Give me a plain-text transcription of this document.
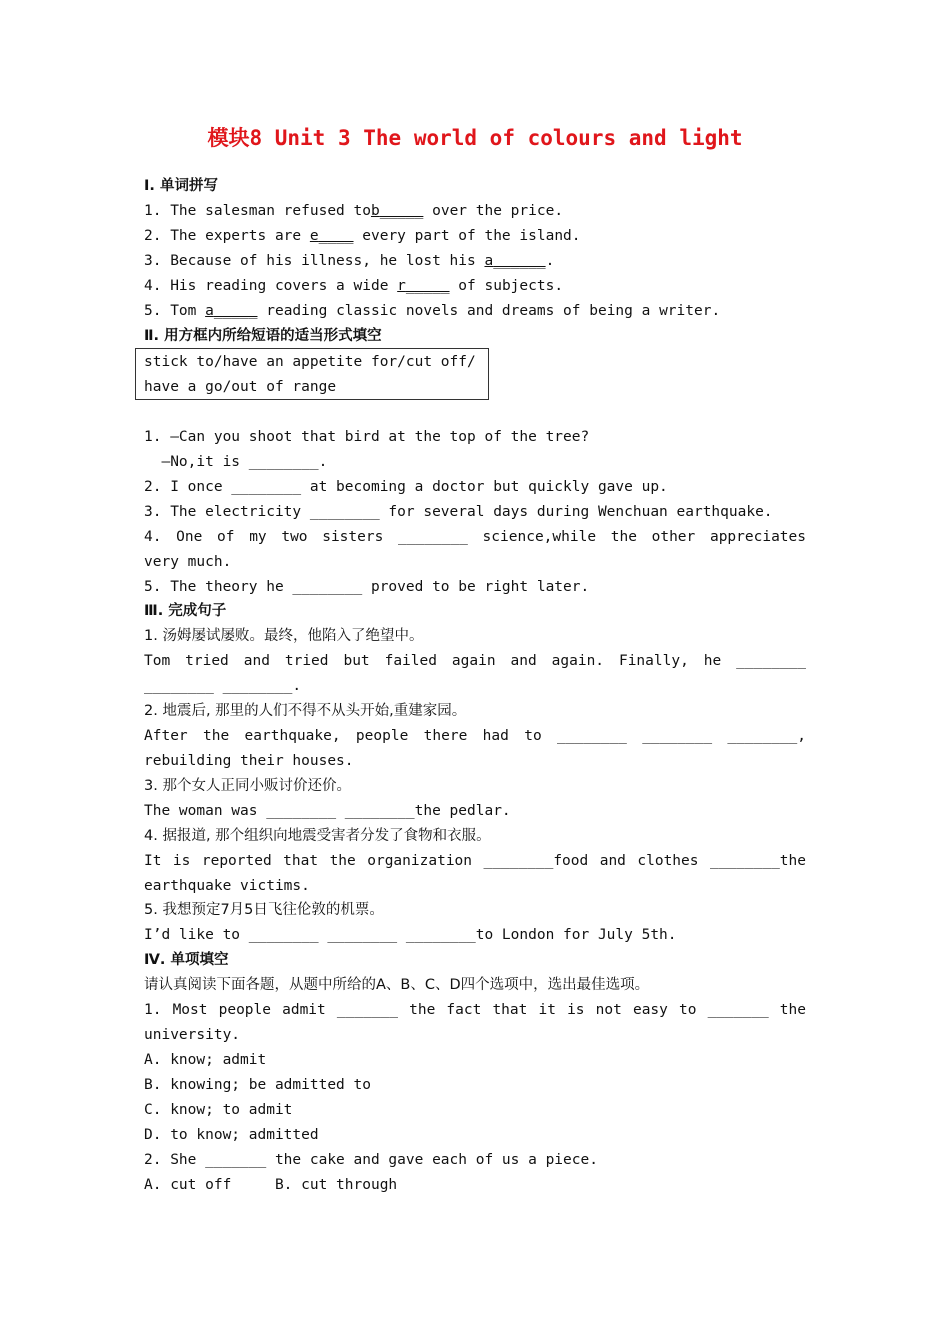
模块8 Unit 3 The world of colours and light
Ⅰ. 单词拼写
1. The salesman refused tob_____ over the price.
2. The experts are e____ every part of the island.
3. Because of his illness, he lost his a______.
4. His reading covers a wide r_____ of subjects.
5. Tom a_____ reading classic novels and dreams of being a writer.
Ⅱ. 用方框内所给短语的适当形式填空
stick to/have an appetite for/cut off/
have a go/out of range
1. —Can you shoot that bird at the top of the tree?
—No,it is ________.
2. I once ________ at becoming a doctor but quickly gave up.
3. The electricity ________ for several days during Wenchuan earthquake.
4. One of my two sisters ________ science,while the other appreciates
very much.
5. The theory he ________ proved to be right later.
Ⅲ. 完成句子
1. 汤姆屡试屡败。最终，他陷入了绝望中。
Tom tried and tried but failed again and again. Finally, he ________
________ ________.
2. 地震后, 那里的人们不得不从头开始,重建家园。
After the earthquake, people there had to ________ ________ ________,
rebuilding their houses.
3. 那个女人正同小贩讨价还价。
The woman was ________ ________the pedlar.
4. 据报道, 那个组织向地震受害者分发了食物和衣服。
It is reported that the organization ________food and clothes ________the
earthquake victims.
5. 我想预定7月5日飞往伦敦的机票。
I’d like to ________ ________ ________to London for July 5th.
Ⅳ. 单项填空
请认真阅读下面各题，从题中所给的A、B、C、D四个选项中，选出最佳选项。
1. Most people admit _______ the fact that it is not easy to _______ the
university.
A. know; admit
B. knowing; be admitted to
C. know; to admit
D. to know; admitted
2. She _______ the cake and gave each of us a piece.
A. cut off     B. cut through
